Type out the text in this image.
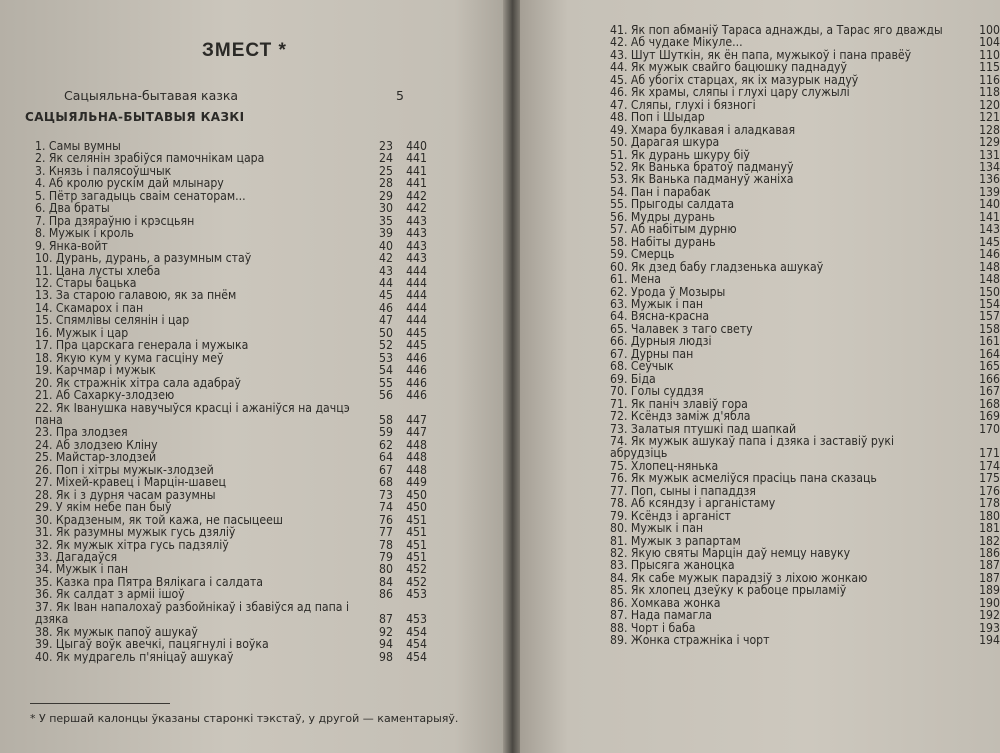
ЗМЕСТ *
Сацыяльна-бытавая казка	5
САЦЫЯЛЬНА-БЫТАВЫЯ КАЗКІ
1. Самы вумны	23	440
2. Як селянін зрабіўся памочнікам цара	24	441
3. Князь і палясоўшчык	25	441
4. Аб кролю рускім дай млынару	28	441
5. Пётр загадыць сваім сенаторам...	29	442
6. Два браты	30	442
7. Пра дзяраўню і крэсцьян	35	443
8. Мужык і кроль	39	443
9. Янка-войт	40	443
10. Дурань, дурань, а разумным стаў	42	443
11. Цана лусты хлеба	43	444
12. Стары бацька	44	444
13. За старою галавою, як за пнём	45	444
14. Скамарох і пан	46	444
15. Спямлівы селянін і цар	47	444
16. Мужык і цар	50	445
17. Пра царскага генерала і мужыка	52	445
18. Якую кум у кума гасціну меў	53	446
19. Карчмар і мужык	54	446
20. Як стражнік хітра сала адабраў	55	446
21. Аб Сахарку-злодзею	56	446
22. Як Іванушка навучыўся красці і ажаніўся на дачцэ пана	58	447
23. Пра злодзея	59	447
24. Аб злодзею Кліну	62	448
25. Майстар-злодзей	64	448
26. Поп і хітры мужык-злодзей	67	448
27. Міхей-кравец і Марцін-шавец	68	449
28. Як і з дурня часам разумны	73	450
29. У якім небе пан быў	74	450
30. Крадзеным, як той кажа, не пасыцееш	76	451
31. Як разумны мужык гусь дзяліў	77	451
32. Як мужык хітра гусь падзяліў	78	451
33. Дагадаўся	79	451
34. Мужык і пан	80	452
35. Казка пра Пятра Вялікага і салдата	84	452
36. Як салдат з арміі ішоў	86	453
37. Як Іван напалохаў разбойнікаў і збавіўся ад папа і дзяка	87	453
38. Як мужык папоў ашукаў	92	454
39. Цыгаў воўк авечкі, пацягнулі і воўка	94	454
40. Як мудрагель п'яніцаў ашукаў	98	454
* У першай калонцы ўказаны старонкі тэкстаў, у другой — каментарыяў.
41. Як поп абманіў Тараса аднажды, а Тарас яго дважды	100
42. Аб чудаке Мікуле...	104
43. Шут Шуткін, як ён папа, мужыкоў і пана правёў	110
44. Як мужык свайго бацюшку паднадуў	115
45. Аб убогіх старцах, як іх мазурык надуў	116
46. Як храмы, сляпы і глухі цару служылі	118
47. Сляпы, глухі і бязногі	120
48. Поп і Шыдар	121
49. Хмара булкавая і аладкавая	128
50. Дарагая шкура	129
51. Як дурань шкуру біў	131
52. Як Ванька братоў падмануў	134
53. Як Ванька падмануў жаніха	136
54. Пан і парабак	139
55. Прыгоды салдата	140
56. Мудры дурань	141
57. Аб набітым дурню	143
58. Набіты дурань	145
59. Смерць	146
60. Як дзед бабу гладзенька ашукаў	148
61. Мена	148
62. Урода ў Мозыры	150
63. Мужык і пан	154
64. Вясна-красна	157
65. Чалавек з таго свету	158
66. Дурныя людзі	161
67. Дурны пан	164
68. Сеўчык	165
69. Біда	166
70. Голы суддзя	167
71. Як паніч злавіў гора	168
72. Ксёндз заміж д'ябла	169
73. Залатыя птушкі пад шапкай	170
74. Як мужык ашукаў папа і дзяка і заставіў рукі абрудзіць	171
75. Хлопец-нянька	174
76. Як мужык асмеліўся прасіць пана сказаць	175
77. Поп, сыны і пападдзя	176
78. Аб ксяндзу і арганістаму	178
79. Ксёндз і арганіст	180
80. Мужык і пан	181
81. Мужык з рапартам	182
82. Якую святы Марцін даў немцу навуку	186
83. Прысяга жаноцка	187
84. Як сабе мужык парадзіў з ліхою жонкаю	187
85. Як хлопец дзеўку к рабоце прыламіў	189
86. Хомкава жонка	190
87. Нада памагла	192
88. Чорт і баба	193
89. Жонка стражніка і чорт	194
